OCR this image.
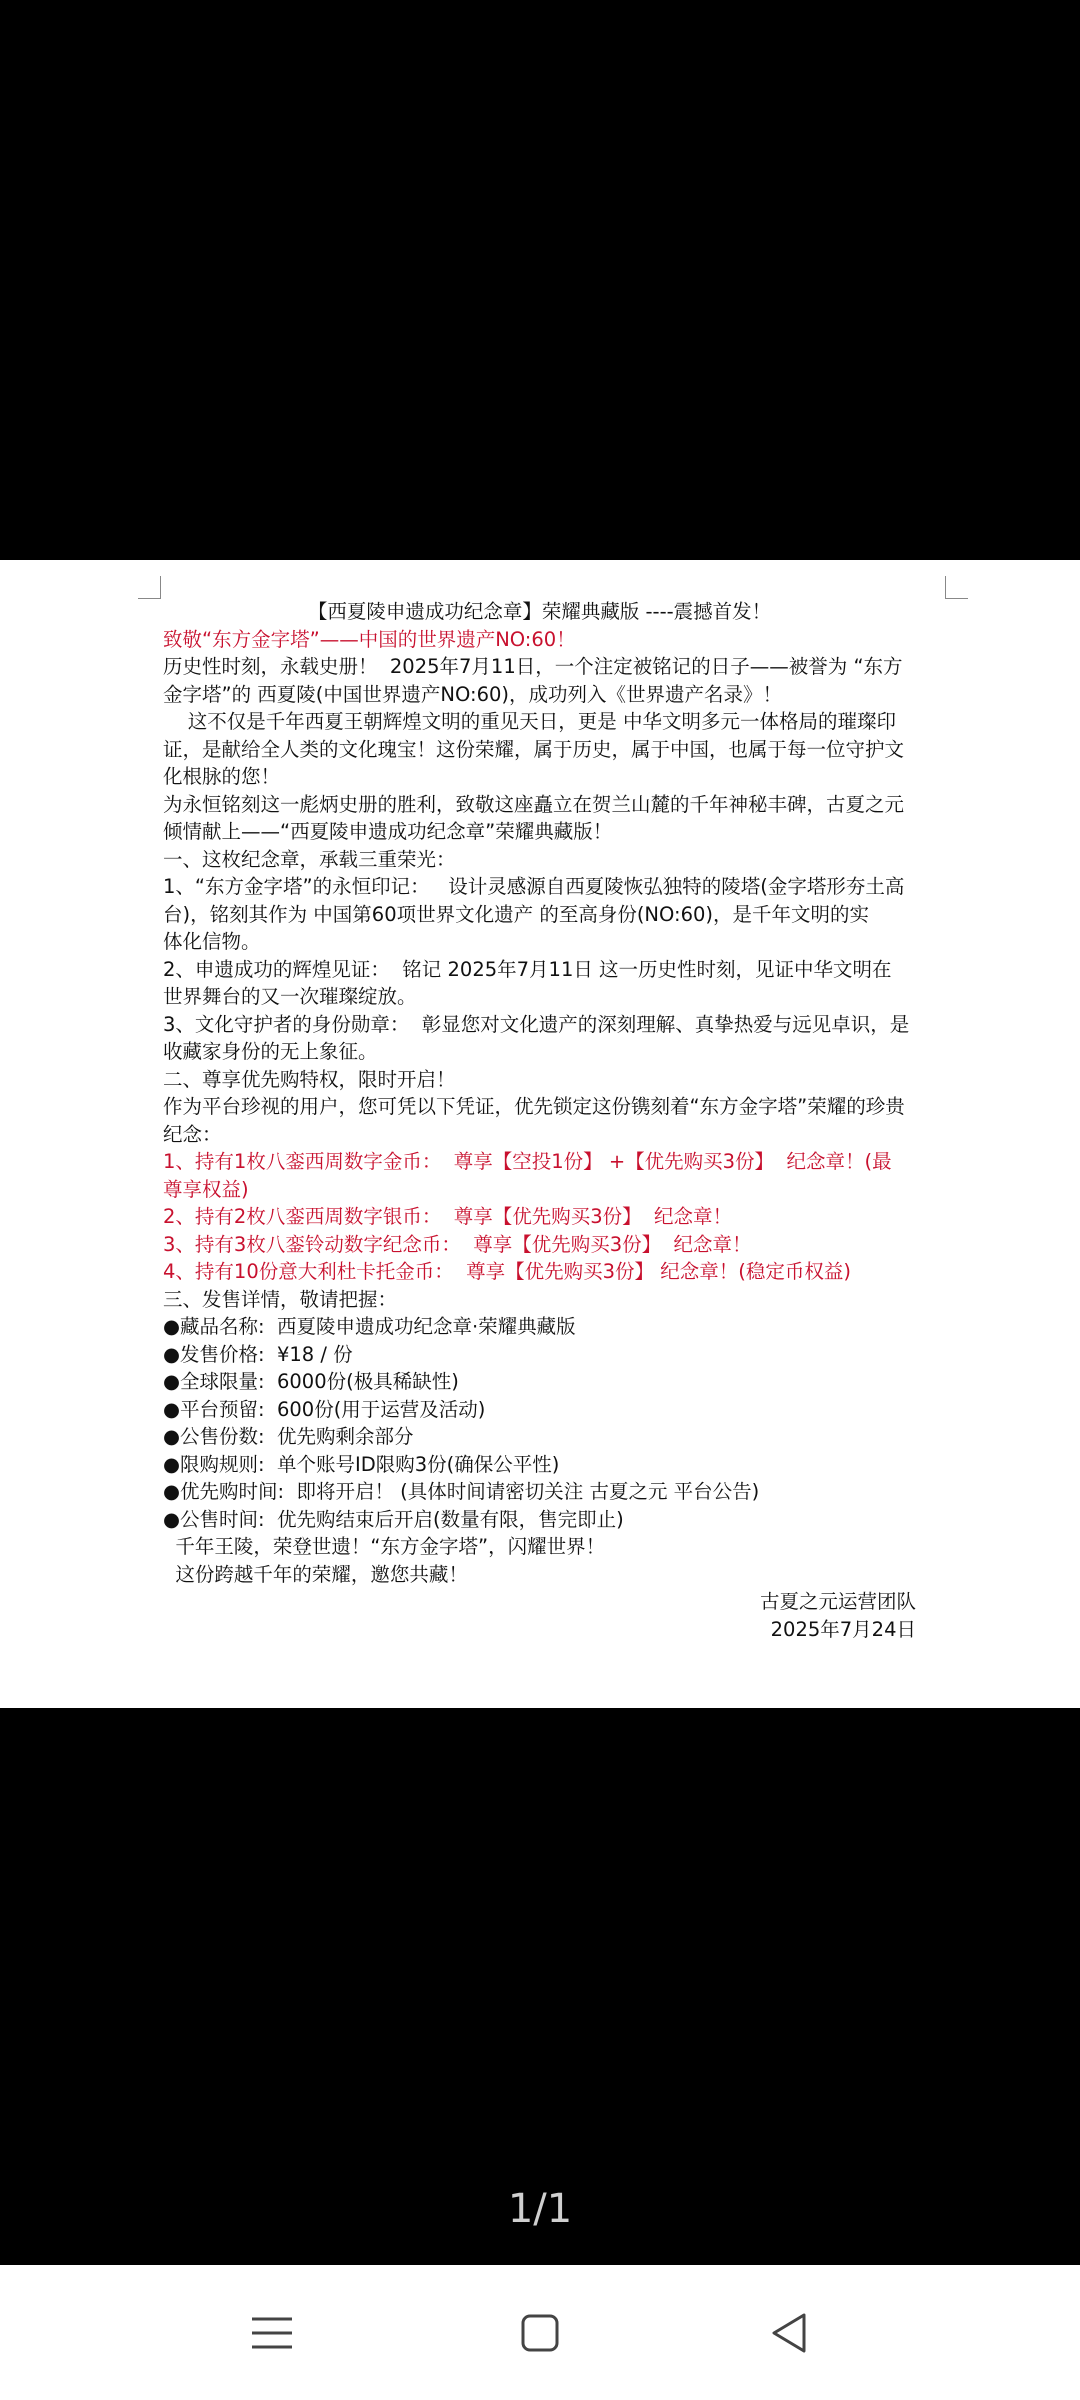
【西夏陵申遗成功纪念章】荣耀典藏版 ----震撼首发！
致敬“东方金字塔”——中国的世界遗产NO:60！
历史性时刻，永载史册！  2025年7月11日，一个注定被铭记的日子——被誉为 “东方
金字塔”的 西夏陵(中国世界遗产NO:60)，成功列入《世界遗产名录》！
这不仅是千年西夏王朝辉煌文明的重见天日，更是 中华文明多元一体格局的璀璨印
证，是献给全人类的文化瑰宝！这份荣耀，属于历史，属于中国，也属于每一位守护文
化根脉的您！
为永恒铭刻这一彪炳史册的胜利，致敬这座矗立在贺兰山麓的千年神秘丰碑，古夏之元
倾情献上——“西夏陵申遗成功纪念章”荣耀典藏版！
一、这枚纪念章，承载三重荣光：
1、“东方金字塔”的永恒印记：   设计灵感源自西夏陵恢弘独特的陵塔(金字塔形夯土高
台)，铭刻其作为 中国第60项世界文化遗产 的至高身份(NO:60)，是千年文明的实
体化信物。
2、申遗成功的辉煌见证：  铭记 2025年7月11日 这一历史性时刻，见证中华文明在
世界舞台的又一次璀璨绽放。
3、文化守护者的身份勋章：  彰显您对文化遗产的深刻理解、真挚热爱与远见卓识，是
收藏家身份的无上象征。
二、尊享优先购特权，限时开启！
作为平台珍视的用户，您可凭以下凭证，优先锁定这份镌刻着“东方金字塔”荣耀的珍贵
纪念：
1、持有1枚八銮西周数字金币：  尊享【空投1份】 +【优先购买3份】  纪念章！(最
尊享权益)
2、持有2枚八銮西周数字银币：  尊享【优先购买3份】  纪念章！
3、持有3枚八銮铃动数字纪念币：  尊享【优先购买3份】  纪念章！
4、持有10份意大利杜卡托金币：  尊享【优先购买3份】 纪念章！(稳定币权益)
三、发售详情，敬请把握：
●藏品名称:  西夏陵申遗成功纪念章·荣耀典藏版
●发售价格:  ¥18 / 份
●全球限量:  6000份(极具稀缺性)
●平台预留:  600份(用于运营及活动)
●公售份数:  优先购剩余部分
●限购规则:  单个账号ID限购3份(确保公平性)
●优先购时间:  即将开启！ (具体时间请密切关注 古夏之元 平台公告)
●公售时间:  优先购结束后开启(数量有限，售完即止)
千年王陵，荣登世遗！“东方金字塔”，闪耀世界！
这份跨越千年的荣耀，邀您共藏！
古夏之元运营团队
2025年7月24日
1/1
